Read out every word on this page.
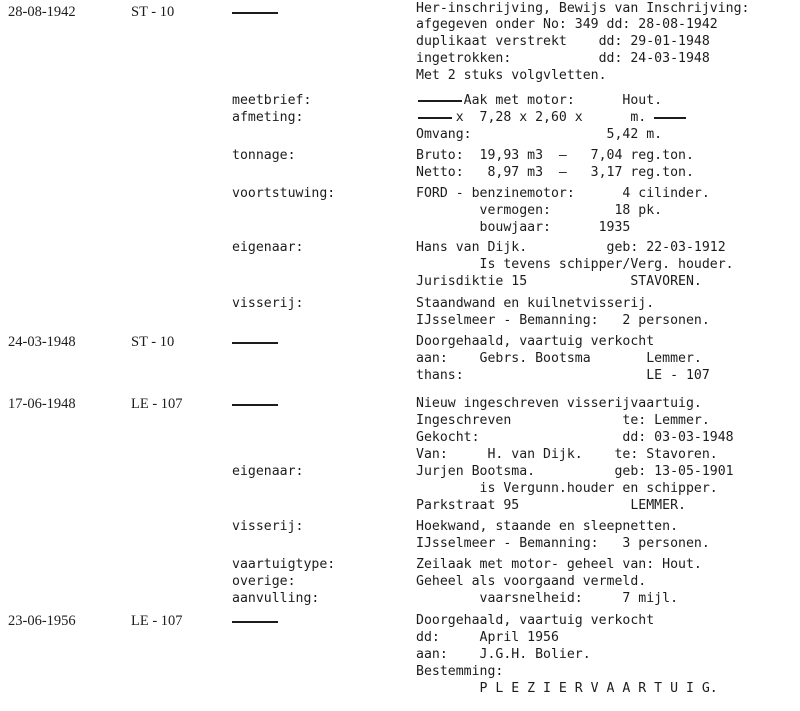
28-08-1942	ST - 10	Her-inschrijving, Bewijs van Inschrijving:
afgegeven onder No: 349 dd: 28-08-1942
duplikaat verstrekt    dd: 29-01-1948
ingetrokken:           dd: 24-03-1948
Met 2 stuks volgvletten.
meetbrief:	Aak met motor:      Hout.
afmeting:	x  7,28 x 2,60 x      m.
Omvang:                 5,42 m.
tonnage:	Bruto:  19,93 m3  —   7,04 reg.ton.
Netto:   8,97 m3  —   3,17 reg.ton.
voortstuwing:	FORD - benzinemotor:      4 cilinder.
vermogen:        18 pk.
bouwjaar:      1935
eigenaar:	Hans van Dijk.          geb: 22-03-1912
Is tevens schipper/Verg. houder.
Jurisdiktie 15             STAVOREN.
visserij:	Staandwand en kuilnetvisserij.
IJsselmeer - Bemanning:   2 personen.
24-03-1948	ST - 10	Doorgehaald, vaartuig verkocht
aan:    Gebrs. Bootsma       Lemmer.
thans:                       LE - 107
17-06-1948	LE - 107	Nieuw ingeschreven visserijvaartuig.
Ingeschreven              te: Lemmer.
Gekocht:                  dd: 03-03-1948
Van:     H. van Dijk.    te: Stavoren.
eigenaar:	Jurjen Bootsma.          geb: 13-05-1901
is Vergunn.houder en schipper.
Parkstraat 95              LEMMER.
visserij:	Hoekwand, staande en sleepnetten.
IJsselmeer - Bemanning:   3 personen.
vaartuigtype:	Zeilaak met motor- geheel van: Hout.
overige:	Geheel als voorgaand vermeld.
aanvulling:	vaarsnelheid:     7 mijl.
23-06-1956	LE - 107	Doorgehaald, vaartuig verkocht
dd:     April 1956
aan:    J.G.H. Bolier.
Bestemming:
P L E Z I E R V A A R T U I G.
